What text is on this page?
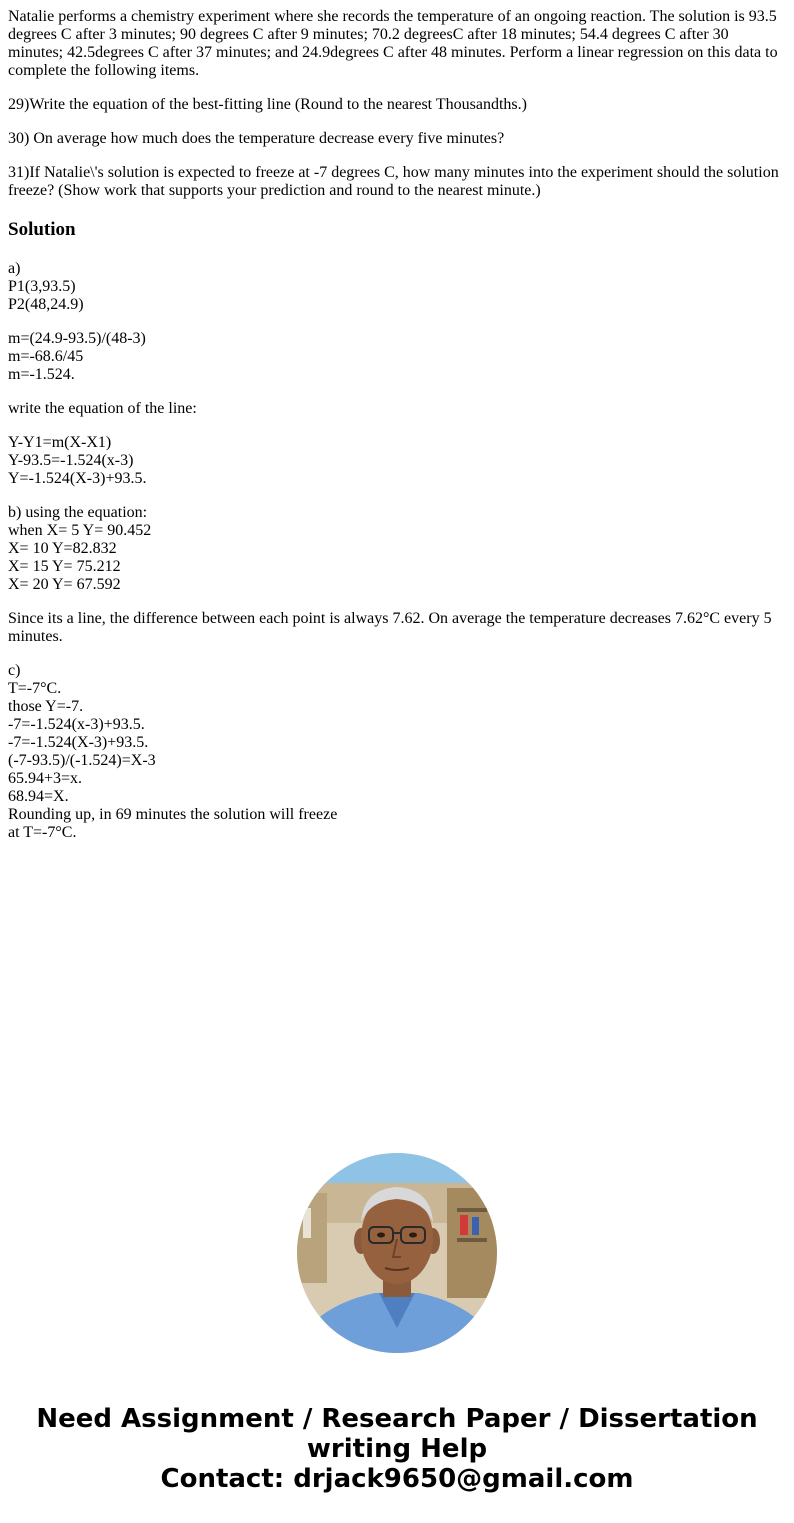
Natalie performs a chemistry experiment where she records the temperature of an ongoing reaction. The solution is 93.5 degrees C after 3 minutes; 90 degrees C after 9 minutes; 70.2 degreesC after 18 minutes; 54.4 degrees C after 30 minutes; 42.5degrees C after 37 minutes; and 24.9degrees C after 48 minutes. Perform a linear regression on this data to complete the following items.

29)Write the equation of the best-fitting line (Round to the nearest Thousandths.)

30) On average how much does the temperature decrease every five minutes?

31)If Natalie\'s solution is expected to freeze at -7 degrees C, how many minutes into the experiment should the solution freeze? (Show work that supports your prediction and round to the nearest minute.)

Solution

a)
P1(3,93.5)
P2(48,24.9)

m=(24.9-93.5)/(48-3)
m=-68.6/45
m=-1.524.

write the equation of the line:

Y-Y1=m(X-X1)
Y-93.5=-1.524(x-3)
Y=-1.524(X-3)+93.5.

b) using the equation:
when X= 5 Y= 90.452
X= 10 Y=82.832
X= 15 Y= 75.212
X= 20 Y= 67.592

Since its a line, the difference between each point is always 7.62. On average the temperature decreases 7.62°C every 5 minutes.

c)
T=-7°C.
those Y=-7.
-7=-1.524(x-3)+93.5.
-7=-1.524(X-3)+93.5.
(-7-93.5)/(-1.524)=X-3
65.94+3=x.
68.94=X.
Rounding up, in 69 minutes the solution will freeze
at T=-7°C.

Need Assignment / Research Paper / Dissertation
writing Help
Contact: drjack9650@gmail.com
